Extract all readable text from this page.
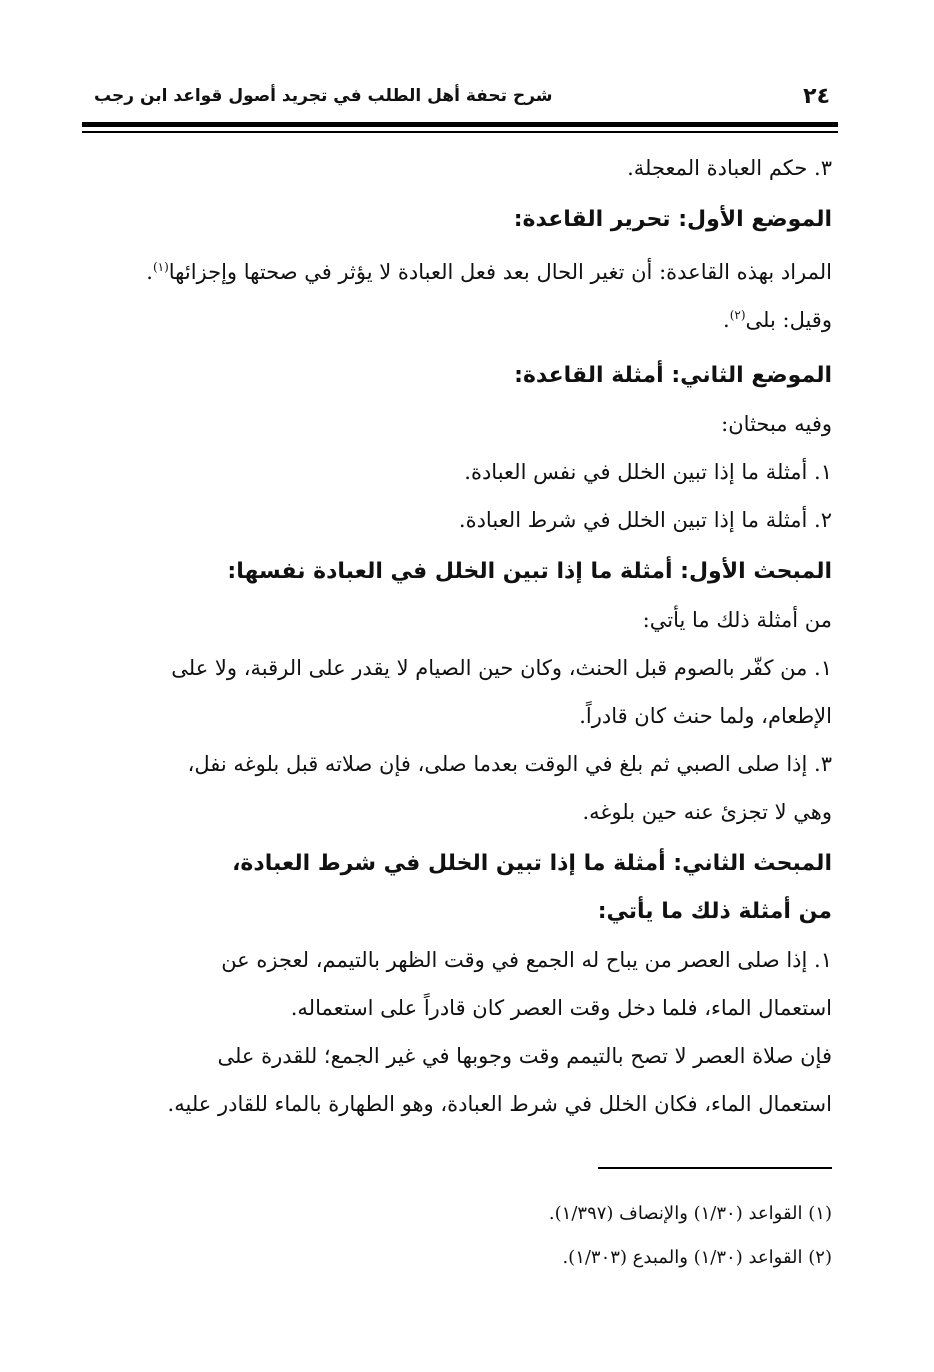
٢٤
شرح تحفة أهل الطلب في تجريد أصول قواعد ابن رجب

٣. حكم العبادة المعجلة.

الموضع الأول: تحرير القاعدة:

المراد بهذه القاعدة: أن تغير الحال بعد فعل العبادة لا يؤثر في صحتها وإجزائها$^{(١)}$.

وقيل: بلى$^{(٢)}$.

الموضع الثاني: أمثلة القاعدة:

وفيه مبحثان:

١. أمثلة ما إذا تبين الخلل في نفس العبادة.

٢. أمثلة ما إذا تبين الخلل في شرط العبادة.

المبحث الأول: أمثلة ما إذا تبين الخلل في العبادة نفسها:

من أمثلة ذلك ما يأتي:

١. من كفّر بالصوم قبل الحنث، وكان حين الصيام لا يقدر على الرقبة، ولا على

الإطعام، ولما حنث كان قادراً.

٣. إذا صلى الصبي ثم بلغ في الوقت بعدما صلى، فإن صلاته قبل بلوغه نفل،

وهي لا تجزئ عنه حين بلوغه.

المبحث الثاني: أمثلة ما إذا تبين الخلل في شرط العبادة،

من أمثلة ذلك ما يأتي:

١. إذا صلى العصر من يباح له الجمع في وقت الظهر بالتيمم، لعجزه عن

استعمال الماء، فلما دخل وقت العصر كان قادراً على استعماله.

فإن صلاة العصر لا تصح بالتيمم وقت وجوبها في غير الجمع؛ للقدرة على

استعمال الماء، فكان الخلل في شرط العبادة، وهو الطهارة بالماء للقادر عليه.

(١) القواعد (١/٣٠) والإنصاف (١/٣٩٧).

(٢) القواعد (١/٣٠) والمبدع (١/٣٠٣).
